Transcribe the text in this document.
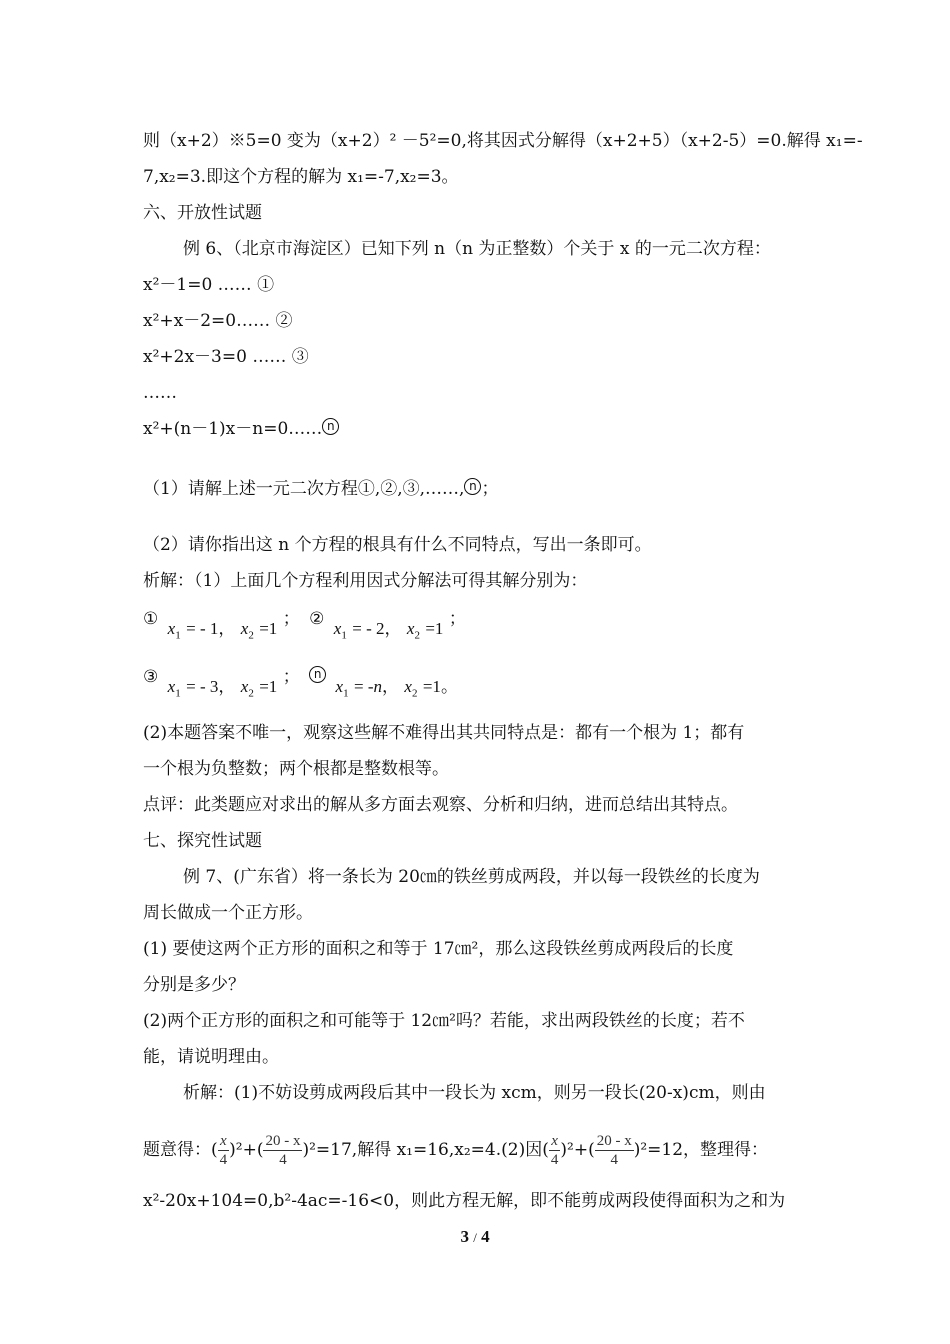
则（x+2）※5=0 变为（x+2）² －5²=0,将其因式分解得（x+2+5）（x+2-5）=0.解得 x₁=-
7,x₂=3.即这个方程的解为 x₁=-7,x₂=3。
六、开放性试题
例 6、（北京市海淀区）已知下列 n（n 为正整数）个关于 x 的一元二次方程：
x²－1=0 …… ①
x²+x－2=0…… ②
x²+2x－3=0 …… ③
……
x²+(n－1)x－n=0…… n
（1）请解上述一元二次方程①,②,③,……, n ；
（2）请你指出这 n 个方程的根具有什么不同特点，写出一条即可。
析解：（1）上面几个方程利用因式分解法可得其解分别为：
① $x_1$ = - 1， $x_2 =1$ ； ② $x_1$ = - 2， $x_2 =1$ ；
③ $x_1$ = - 3， $x_2 =1$ ； n $x_1 = -n$， $x_2 =1$。
(2)本题答案不唯一，观察这些解不难得出其共同特点是：都有一个根为 1；都有
一个根为负整数；两个根都是整数根等。
点评：此类题应对求出的解从多方面去观察、分析和归纳，进而总结出其特点。
七、探究性试题
例 7、(广东省）将一条长为 20㎝的铁丝剪成两段，并以每一段铁丝的长度为
周长做成一个正方形。
(1) 要使这两个正方形的面积之和等于 17㎝²，那么这段铁丝剪成两段后的长度
分别是多少？
(2)两个正方形的面积之和可能等于 12㎝²吗？若能，求出两段铁丝的长度；若不
能，请说明理由。
析解：(1)不妨设剪成两段后其中一段长为 xcm，则另一段长(20-x)cm，则由
题意得：( $\frac{x}{4} )^2+( \frac{20 - x}{4} )^2=17$,解得 x₁=16,x₂=4.(2)因( $\frac{x}{4} )^2+( \frac{20 - x}{4} )^2=12$，整理得：
x²-20x+104=0,b²-4ac=-16<0，则此方程无解，即不能剪成两段使得面积为之和为
3 / 4
